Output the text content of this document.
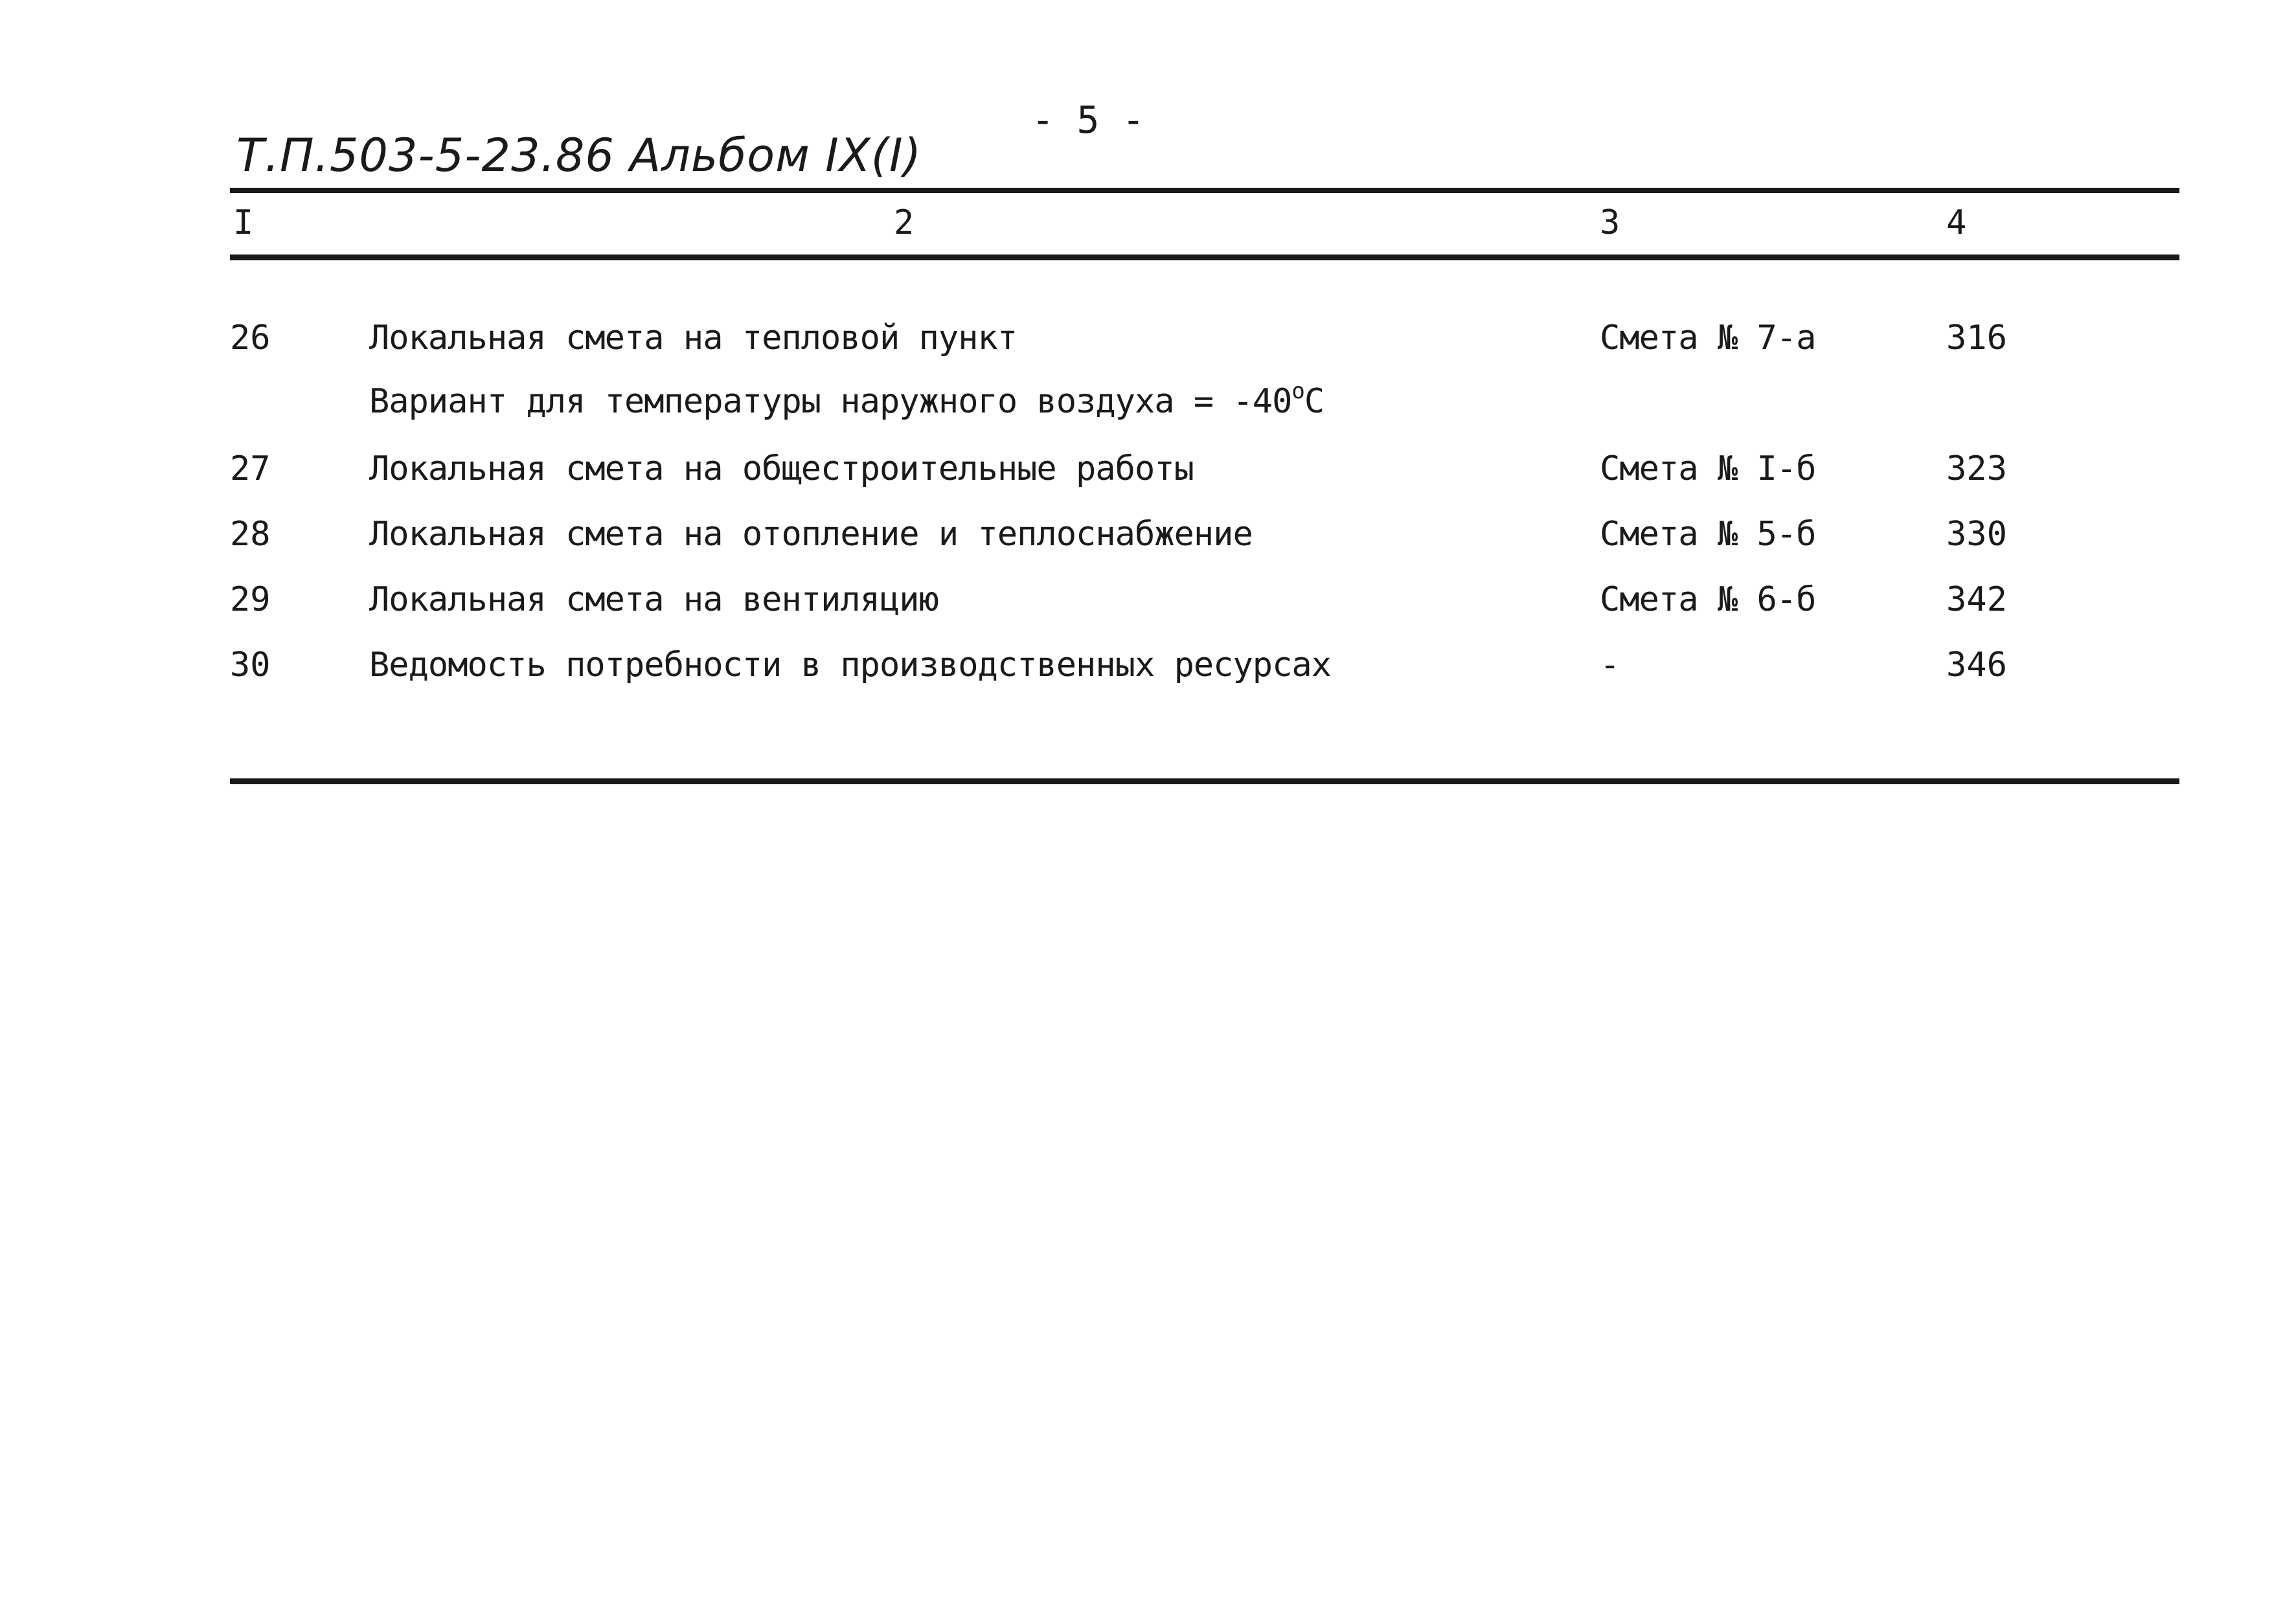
- 5 -
Т.П.503-5-23.86 Альбом IX(I)
I	2	3	4
26	Локальная смета на тепловой пункт	Смета № 7-а	316
Вариант для температуры наружного воздуха = $-40^оС$
27	Локальная смета на общестроительные работы	Смета № I-б	323
28	Локальная смета на отопление и теплоснабжение	Смета № 5-б	330
29	Локальная смета на вентиляцию	Смета № 6-б	342
30	Ведомость потребности в производственных ресурсах	-	346
